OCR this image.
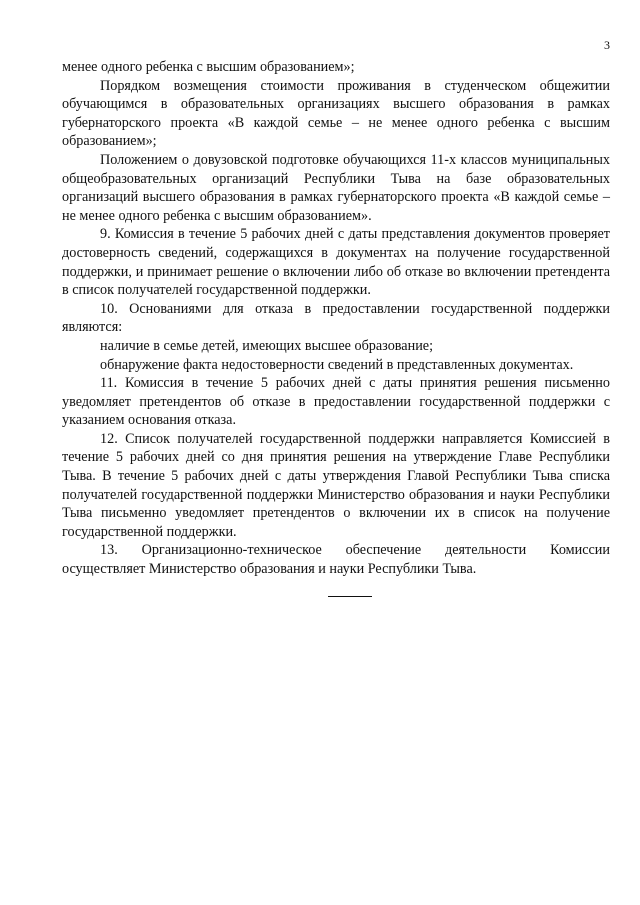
3

менее одного ребенка с высшим образованием»;

Порядком возмещения стоимости проживания в студенческом общежитии обучающимся в образовательных организациях высшего образования в рамках губернаторского проекта «В каждой семье – не менее одного ребенка с высшим образованием»;

Положением о довузовской подготовке обучающихся 11-х классов муниципальных общеобразовательных организаций Республики Тыва на базе образовательных организаций высшего образования в рамках губернаторского проекта «В каждой семье – не менее одного ребенка с высшим образованием».

9. Комиссия в течение 5 рабочих дней с даты представления документов проверяет достоверность сведений, содержащихся в документах на получение государственной поддержки, и принимает решение о включении либо об отказе во включении претендента в список получателей государственной поддержки.

10. Основаниями для отказа в предоставлении государственной поддержки являются:

наличие в семье детей, имеющих высшее образование;

обнаружение факта недостоверности сведений в представленных документах.

11. Комиссия в течение 5 рабочих дней с даты принятия решения письменно уведомляет претендентов об отказе в предоставлении государственной поддержки с указанием основания отказа.

12. Список получателей государственной поддержки направляется Комиссией в течение 5 рабочих дней со дня принятия решения на утверждение Главе Республики Тыва. В течение 5 рабочих дней с даты утверждения Главой Республики Тыва списка получателей государственной поддержки Министерство образования и науки Республики Тыва письменно уведомляет претендентов о включении их в список на получение государственной поддержки.

13. Организационно-техническое обеспечение деятельности Комиссии осуществляет Министерство образования и науки Республики Тыва.
